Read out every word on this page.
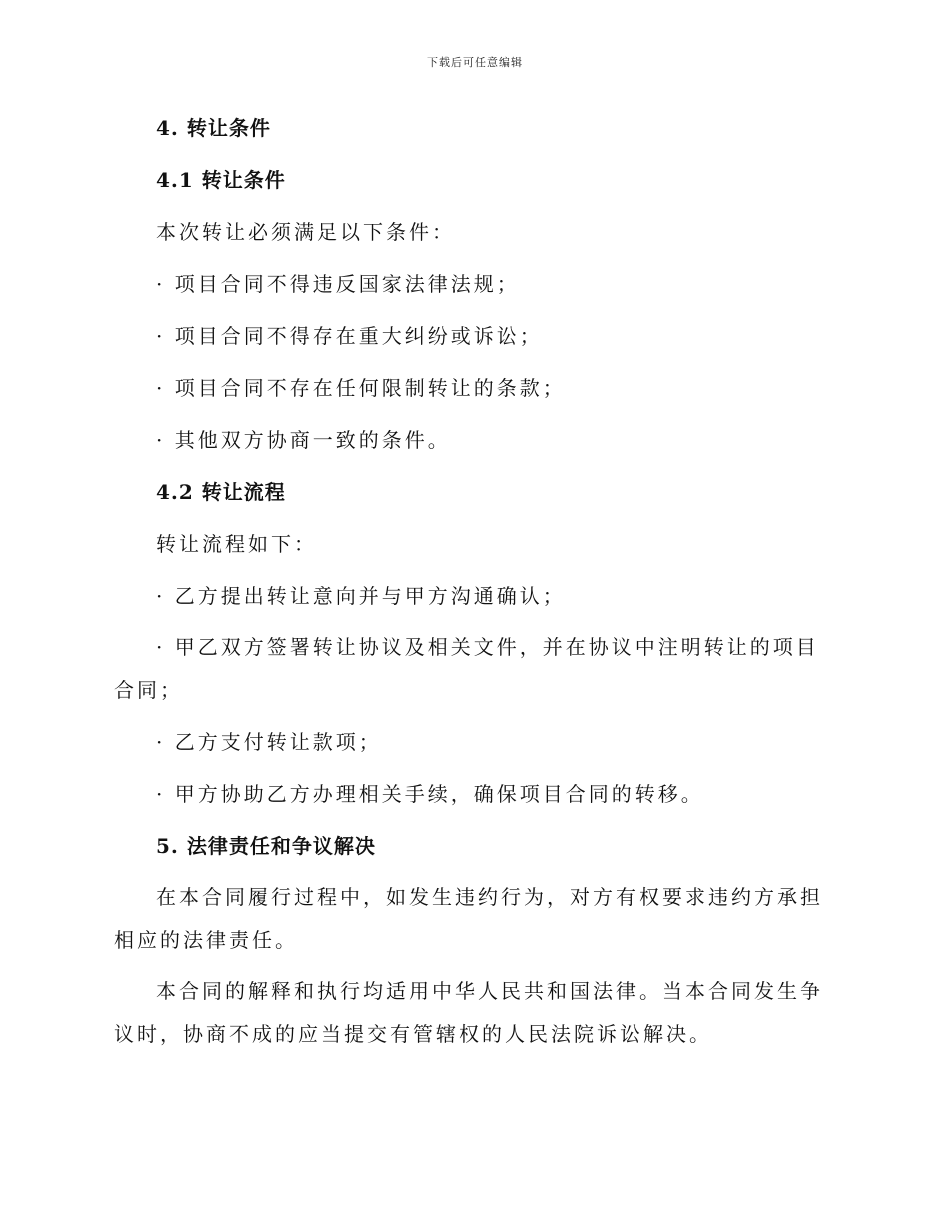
下载后可任意编辑

4. 转让条件

4.1 转让条件

本次转让必须满足以下条件：

· 项目合同不得违反国家法律法规；

· 项目合同不得存在重大纠纷或诉讼；

· 项目合同不存在任何限制转让的条款；

· 其他双方协商一致的条件。

4.2 转让流程

转让流程如下：

· 乙方提出转让意向并与甲方沟通确认；

· 甲乙双方签署转让协议及相关文件，并在协议中注明转让的项目合同；

· 乙方支付转让款项；

· 甲方协助乙方办理相关手续，确保项目合同的转移。

5. 法律责任和争议解决

在本合同履行过程中，如发生违约行为，对方有权要求违约方承担相应的法律责任。

本合同的解释和执行均适用中华人民共和国法律。当本合同发生争议时，协商不成的应当提交有管辖权的人民法院诉讼解决。
